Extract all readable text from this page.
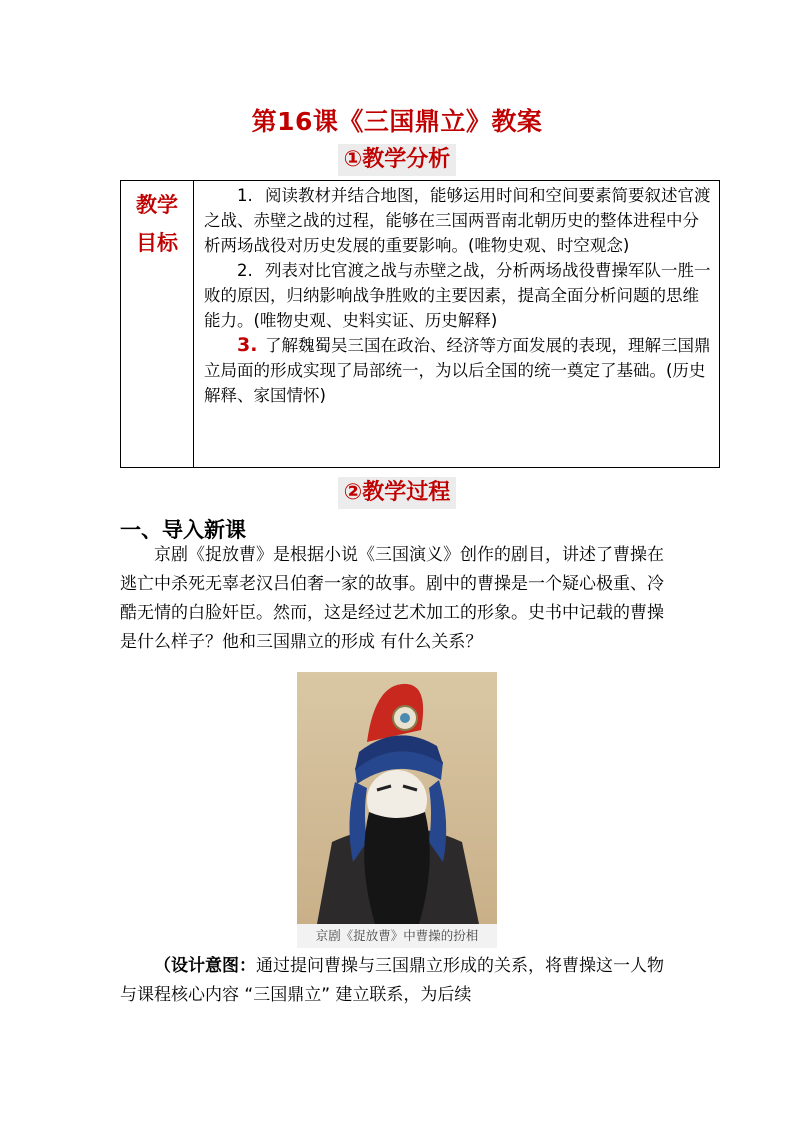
第16课《三国鼎立》教案
①教学分析
教学
目标

1. 阅读教材并结合地图，能够运用时间和空间要素简要叙述官渡之战、赤壁之战的过程，能够在三国两晋南北朝历史的整体进程中分析两场战役对历史发展的重要影响。(唯物史观、时空观念)

2. 列表对比官渡之战与赤壁之战，分析两场战役曹操军队一胜一败的原因，归纳影响战争胜败的主要因素，提高全面分析问题的思维能力。(唯物史观、史料实证、历史解释)

3. 了解魏蜀吴三国在政治、经济等方面发展的表现，理解三国鼎立局面的形成实现了局部统一，为以后全国的统一奠定了基础。(历史解释、家国情怀)

②教学过程
一、导入新课

京剧《捉放曹》是根据小说《三国演义》创作的剧目，讲述了曹操在逃亡中杀死无辜老汉吕伯奢一家的故事。剧中的曹操是一个疑心极重、冷酷无情的白脸奸臣。然而，这是经过艺术加工的形象。史书中记载的曹操是什么样子？他和三国鼎立的形成 有什么关系？

京剧《捉放曹》中曹操的扮相

（设计意图：通过提问曹操与三国鼎立形成的关系，将曹操这一人物与课程核心内容 “三国鼎立” 建立联系，为后续
